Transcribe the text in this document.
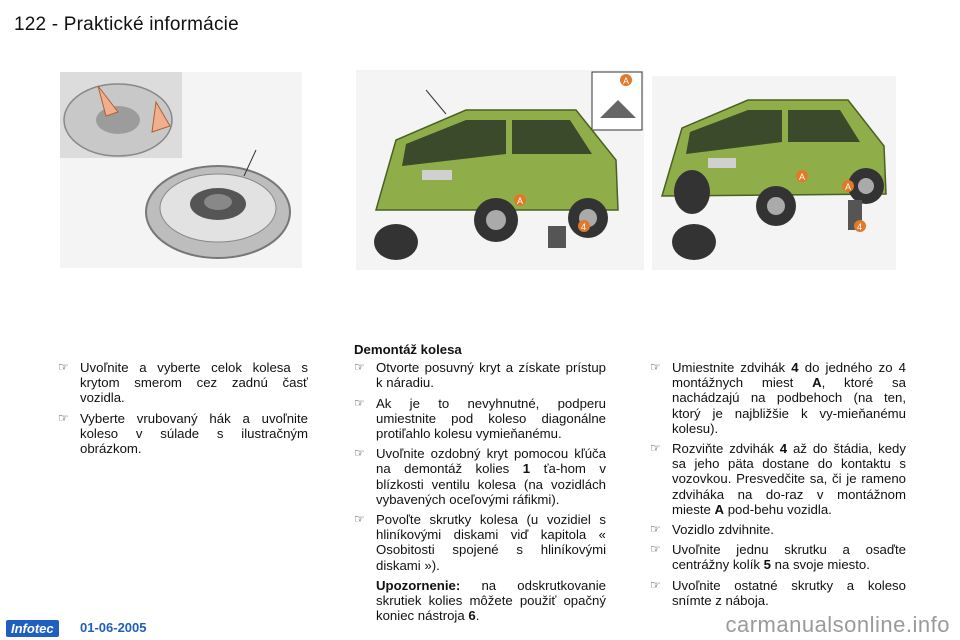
122 - Praktické informácie
A
A
4
A
A
4
☞ Uvoľnite a vyberte celok kolesa s krytom smerom cez zadnú časť vozidla.
☞ Vyberte vrubovaný hák a uvoľnite koleso v súlade s ilustračným obrázkom.
Demontáž kolesa
☞ Otvorte posuvný kryt a získate prístup k náradiu.
☞ Ak je to nevyhnutné, podperu umiestnite pod koleso diagonálne protiľahlo kolesu vymieňanému.
☞ Uvoľnite ozdobný kryt pomocou kľúča na demontáž kolies 1 ťa-hom v blízkosti ventilu kolesa (na vozidlách vybavených oceľovými ráfikmi).
☞ Povoľte skrutky kolesa (u vozidiel s hliníkovými diskami viď kapitola « Osobitosti spojené s hliníkovými diskami »).
Upozornenie: na odskrutkovanie skrutiek kolies môžete použiť opačný koniec nástroja 6.
☞ Umiestnite zdvihák 4 do jedného zo 4 montážnych miest A, ktoré sa nachádzajú na podbehoch (na ten, ktorý je najbližšie k vy-mieňanému kolesu).
☞ Rozviňte zdvihák 4 až do štádia, kedy sa jeho päta dostane do kontaktu s vozovkou. Presvedčite sa, či je rameno zdviháka na do-raz v montážnom mieste A pod-behu vozidla.
☞ Vozidlo zdvihnite.
☞ Uvoľnite jednu skrutku a osaďte centrážny kolík 5 na svoje miesto.
☞ Uvoľnite ostatné skrutky a koleso snímte z náboja.
Infotec	01-06-2005	carmanualsonline.info
